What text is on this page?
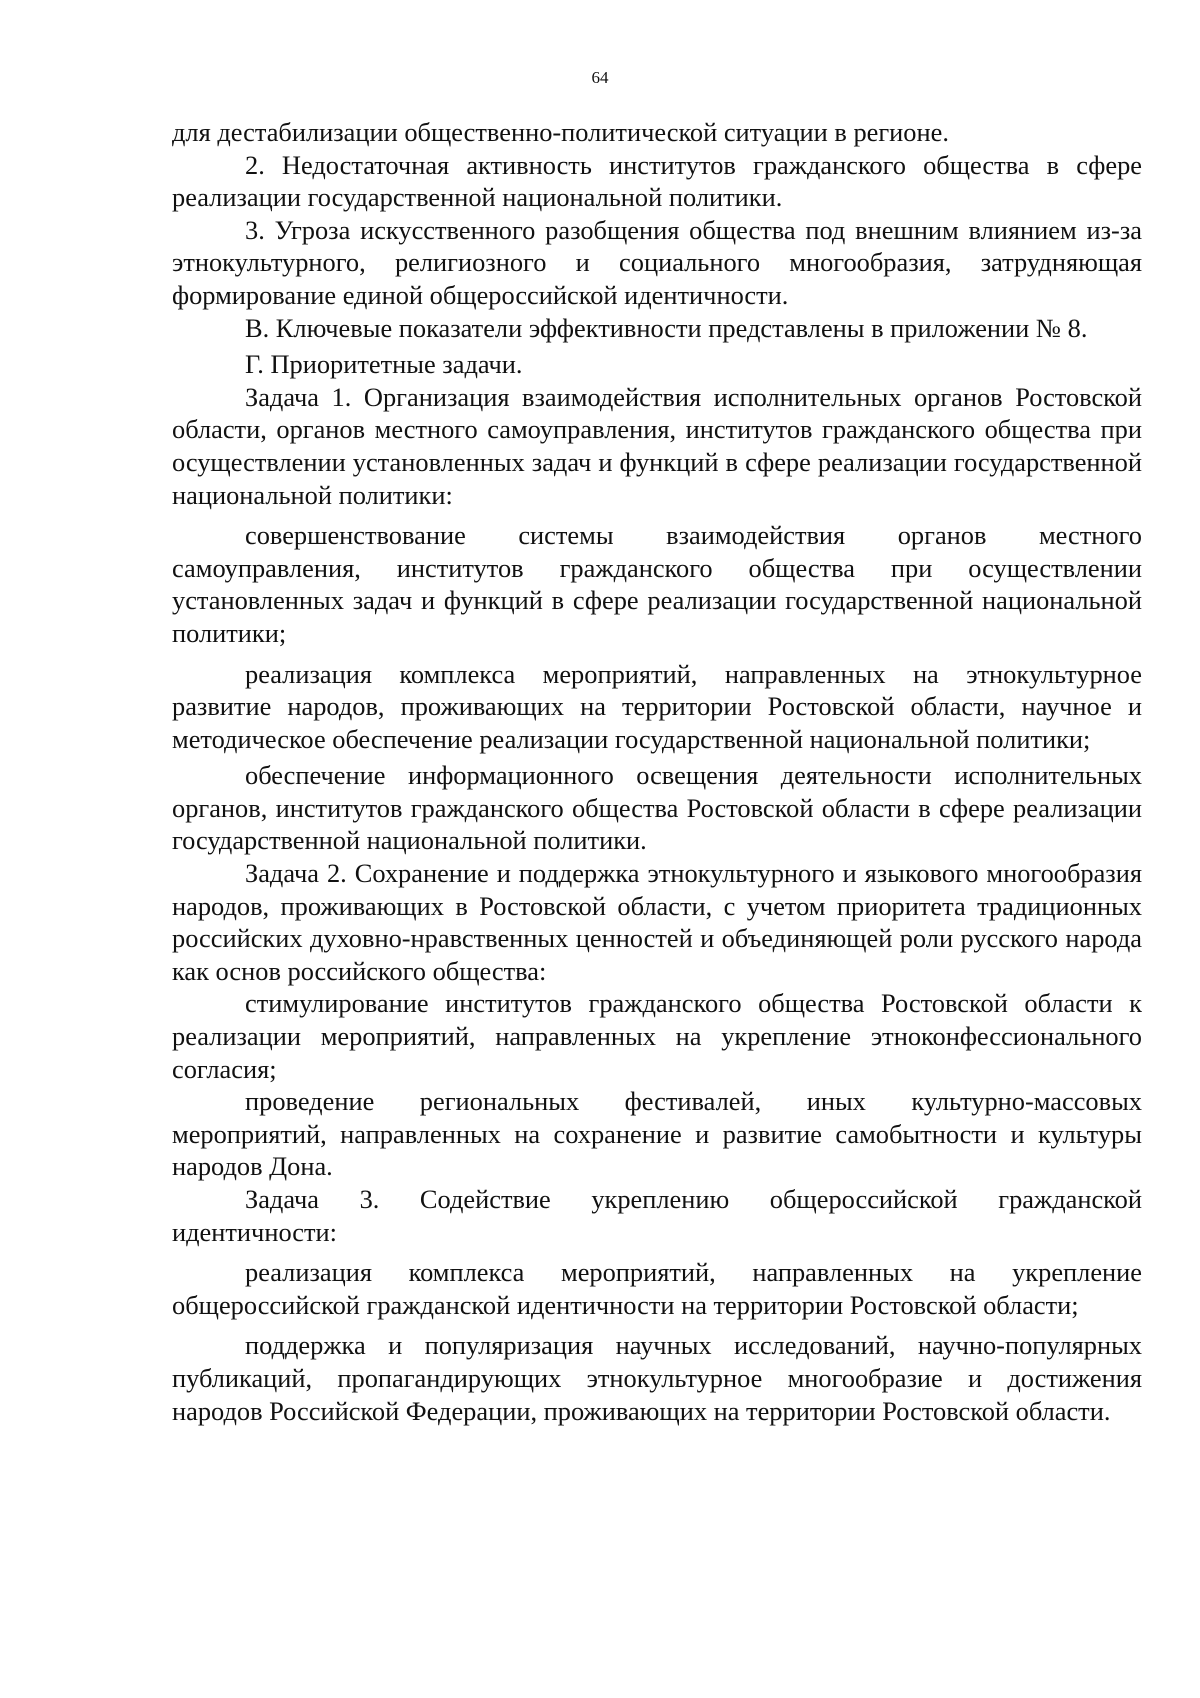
64

для дестабилизации общественно-политической ситуации в регионе.

2. Недостаточная активность институтов гражданского общества в сфере реализации государственной национальной политики.

3. Угроза искусственного разобщения общества под внешним влиянием из-за этнокультурного, религиозного и социального многообразия, затрудняющая формирование единой общероссийской идентичности.

В. Ключевые показатели эффективности представлены в приложении № 8.

Г. Приоритетные задачи.

Задача 1. Организация взаимодействия исполнительных органов Ростовской области, органов местного самоуправления, институтов гражданского общества при осуществлении установленных задач и функций в сфере реализации государственной национальной политики:

совершенствование системы взаимодействия органов местного самоуправления, институтов гражданского общества при осуществлении установленных задач и функций в сфере реализации государственной национальной политики;

реализация комплекса мероприятий, направленных на этнокультурное развитие народов, проживающих на территории Ростовской области, научное и методическое обеспечение реализации государственной национальной политики;

обеспечение информационного освещения деятельности исполнительных органов, институтов гражданского общества Ростовской области в сфере реализации государственной национальной политики.

Задача 2. Сохранение и поддержка этнокультурного и языкового многообразия народов, проживающих в Ростовской области, с учетом приоритета традиционных российских духовно-нравственных ценностей и объединяющей роли русского народа как основ российского общества:

стимулирование институтов гражданского общества Ростовской области к реализации мероприятий, направленных на укрепление этноконфессионального согласия;

проведение региональных фестивалей, иных культурно-массовых мероприятий, направленных на сохранение и развитие самобытности и культуры народов Дона.

Задача 3. Содействие укреплению общероссийской гражданской идентичности:

реализация комплекса мероприятий, направленных на укрепление общероссийской гражданской идентичности на территории Ростовской области;

поддержка и популяризация научных исследований, научно-популярных публикаций, пропагандирующих этнокультурное многообразие и достижения народов Российской Федерации, проживающих на территории Ростовской области.
